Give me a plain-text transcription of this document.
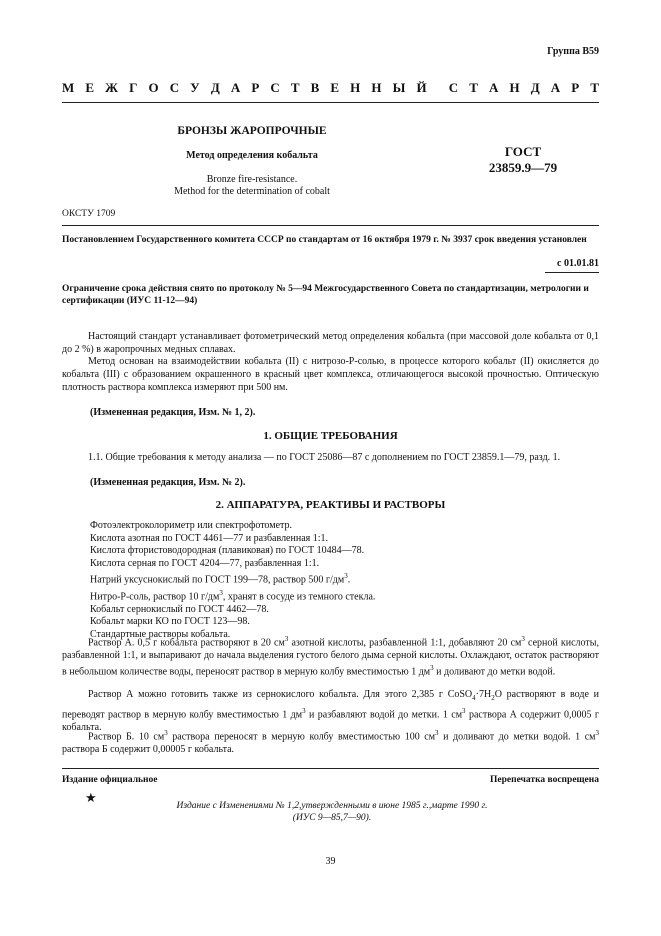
Группа В59
М Е Ж Г О С У Д А Р С Т В Е Н Н Ы Й С Т А Н Д А Р Т
БРОНЗЫ ЖАРОПРОЧНЫЕ
Метод определения кобальта
Bronze fire-resistance.
Method for the determination of cobalt
ГОСТ
23859.9—79
ОКСТУ 1709
Постановлением Государственного комитета СССР по стандартам от 16 октября 1979 г. № 3937 срок введения установлен
с 01.01.81
Ограничение срока действия снято по протоколу № 5—94 Межгосударственного Совета по стандартизации, метрологии и сертификации (ИУС 11-12—94)
Настоящий стандарт устанавливает фотометрический метод определения кобальта (при массовой доле кобальта от 0,1 до 2 %) в жаропрочных медных сплавах.
Метод основан на взаимодействии кобальта (II) с нитрозо-Р-солью, в процессе которого кобальт (II) окисляется до кобальта (III) с образованием окрашенного в красный цвет комплекса, отличающегося высокой прочностью. Оптическую плотность раствора комплекса измеряют при 500 нм.
(Измененная редакция, Изм. № 1, 2).
1. ОБЩИЕ ТРЕБОВАНИЯ
1.1. Общие требования к методу анализа — по ГОСТ 25086—87 с дополнением по ГОСТ 23859.1—79, разд. 1.
(Измененная редакция, Изм. № 2).
2. АППАРАТУРА, РЕАКТИВЫ И РАСТВОРЫ
Фотоэлектроколориметр или спектрофотометр.
Кислота азотная по ГОСТ 4461—77 и разбавленная 1:1.
Кислота фтористоводородная (плавиковая) по ГОСТ 10484—78.
Кислота серная по ГОСТ 4204—77, разбавленная 1:1.
Натрий уксуснокислый по ГОСТ 199—78, раствор 500 $г/дм^3$.
Нитро-Р-соль, раствор 10 $г/дм^3$, хранят в сосуде из темного стекла.
Кобальт сернокислый по ГОСТ 4462—78.
Кобальт марки КО по ГОСТ 123—98.
Стандартные растворы кобальта.
Раствор А. 0,5 г кобальта растворяют в 20 $см^3$ азотной кислоты, разбавленной 1:1, добавляют 20 $см^3$ серной кислоты, разбавленной 1:1, и выпаривают до начала выделения густого белого дыма серной кислоты. Охлаждают, остаток растворяют в небольшом количестве воды, переносят раствор в мерную колбу вместимостью 1 $дм^3$ и доливают до метки водой.
Раствор А можно готовить также из сернокислого кобальта. Для этого 2,385 г $CoSO_4\cdot 7H_2O$ растворяют в воде и переводят раствор в мерную колбу вместимостью 1 $дм^3$ и разбавляют водой до метки. 1 $см^3$ раствора А содержит 0,0005 г кобальта.
Раствор Б. 10 $см^3$ раствора переносят в мерную колбу вместимостью 100 $см^3$ и доливают до метки водой. 1 $см^3$ раствора Б содержит 0,00005 г кобальта.
Издание официальное	Перепечатка воспрещена
★
Издание с Изменениями № 1,2,утвержденными в июне 1985 г.,марте 1990 г.
(ИУС 9—85,7—90).
39
